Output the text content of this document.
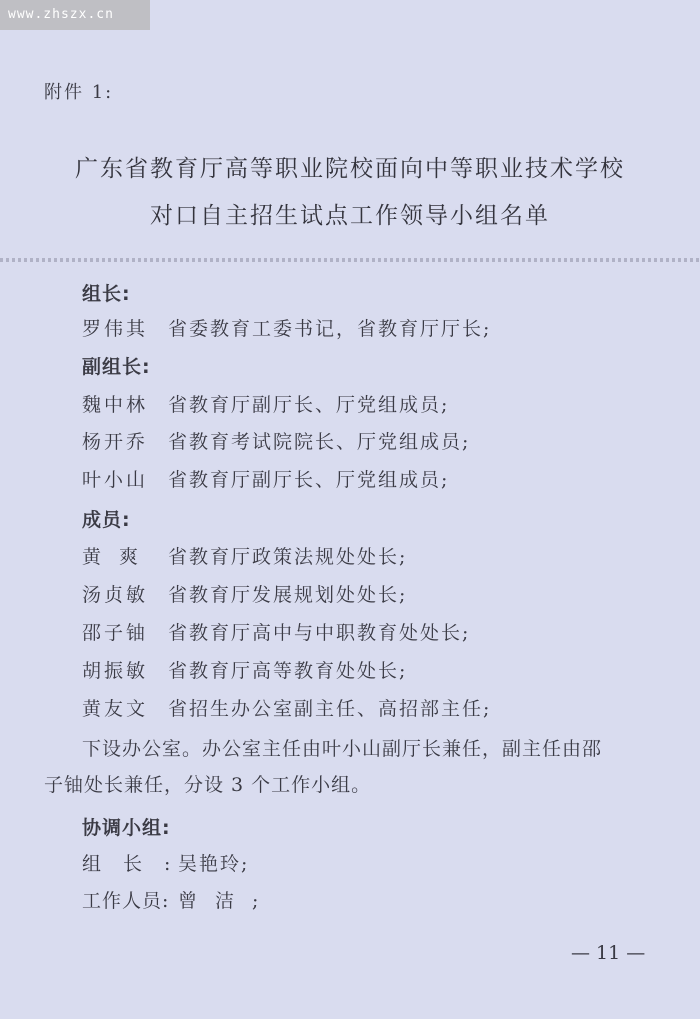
www.zhszx.cn
附件 1:
广东省教育厅高等职业院校面向中等职业技术学校
对口自主招生试点工作领导小组名单
组长:
罗伟其 省委教育工委书记，省教育厅厅长;
副组长:
魏中林 省教育厅副厅长、厅党组成员;
杨开乔 省教育考试院院长、厅党组成员;
叶小山 省教育厅副厅长、厅党组成员;
成员:
黄爽 省教育厅政策法规处处长;
汤贞敏 省教育厅发展规划处处长;
邵子铀 省教育厅高中与中职教育处处长;
胡振敏 省教育厅高等教育处处长;
黄友文 省招生办公室副主任、高招部主任;
下设办公室。办公室主任由叶小山副厅长兼任，副主任由邵
子铀处长兼任，分设 3 个工作小组。
协调小组:
组长:吴艳玲;
工作人员: 曾洁;
— 11 —
